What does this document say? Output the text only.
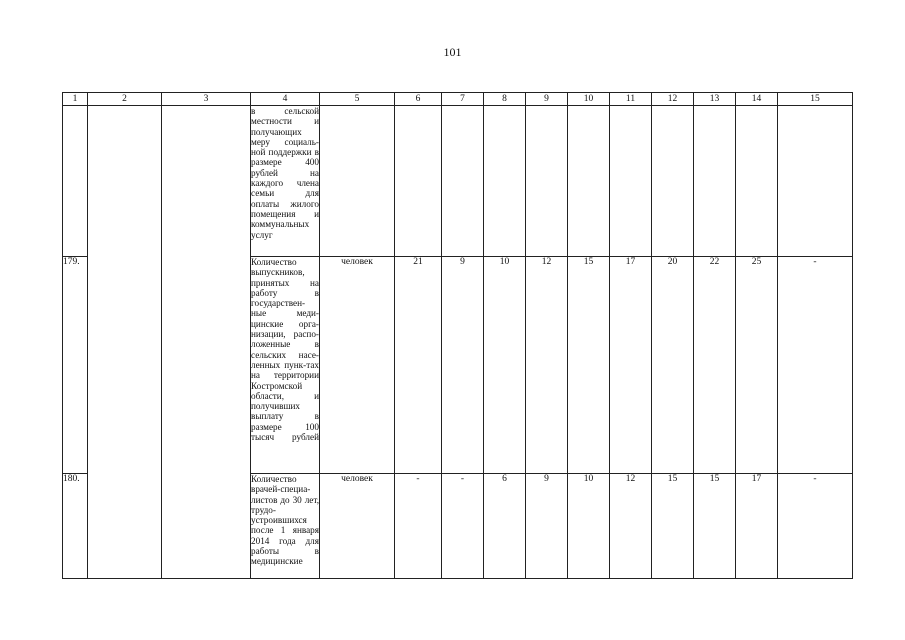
101
1	2	3	4	5	6	7	8	9	10	11	12	13	14	15

			в сельской местности и получающих меру социаль-ной поддержки в размере 400 рублей на каждого члена семьи для оплаты жилого помещения и коммунальных услуг											

179.			Количество выпускников, принятых на работу в государствен-ные меди-цинские орга-низации, распо-ложенные в сельских насе-ленных пунк-тах на территории Костромской области, и получивших выплату в размере 100 тысяч рублей	человек	21	9	10	12	15	17	20	22	25	-
180.			Количество врачей-специа-листов до 30 лет, трудо-устроившихся после 1 января 2014 года для работы в медицинские	человек	-	-	6	9	10	12	15	15	17	-
